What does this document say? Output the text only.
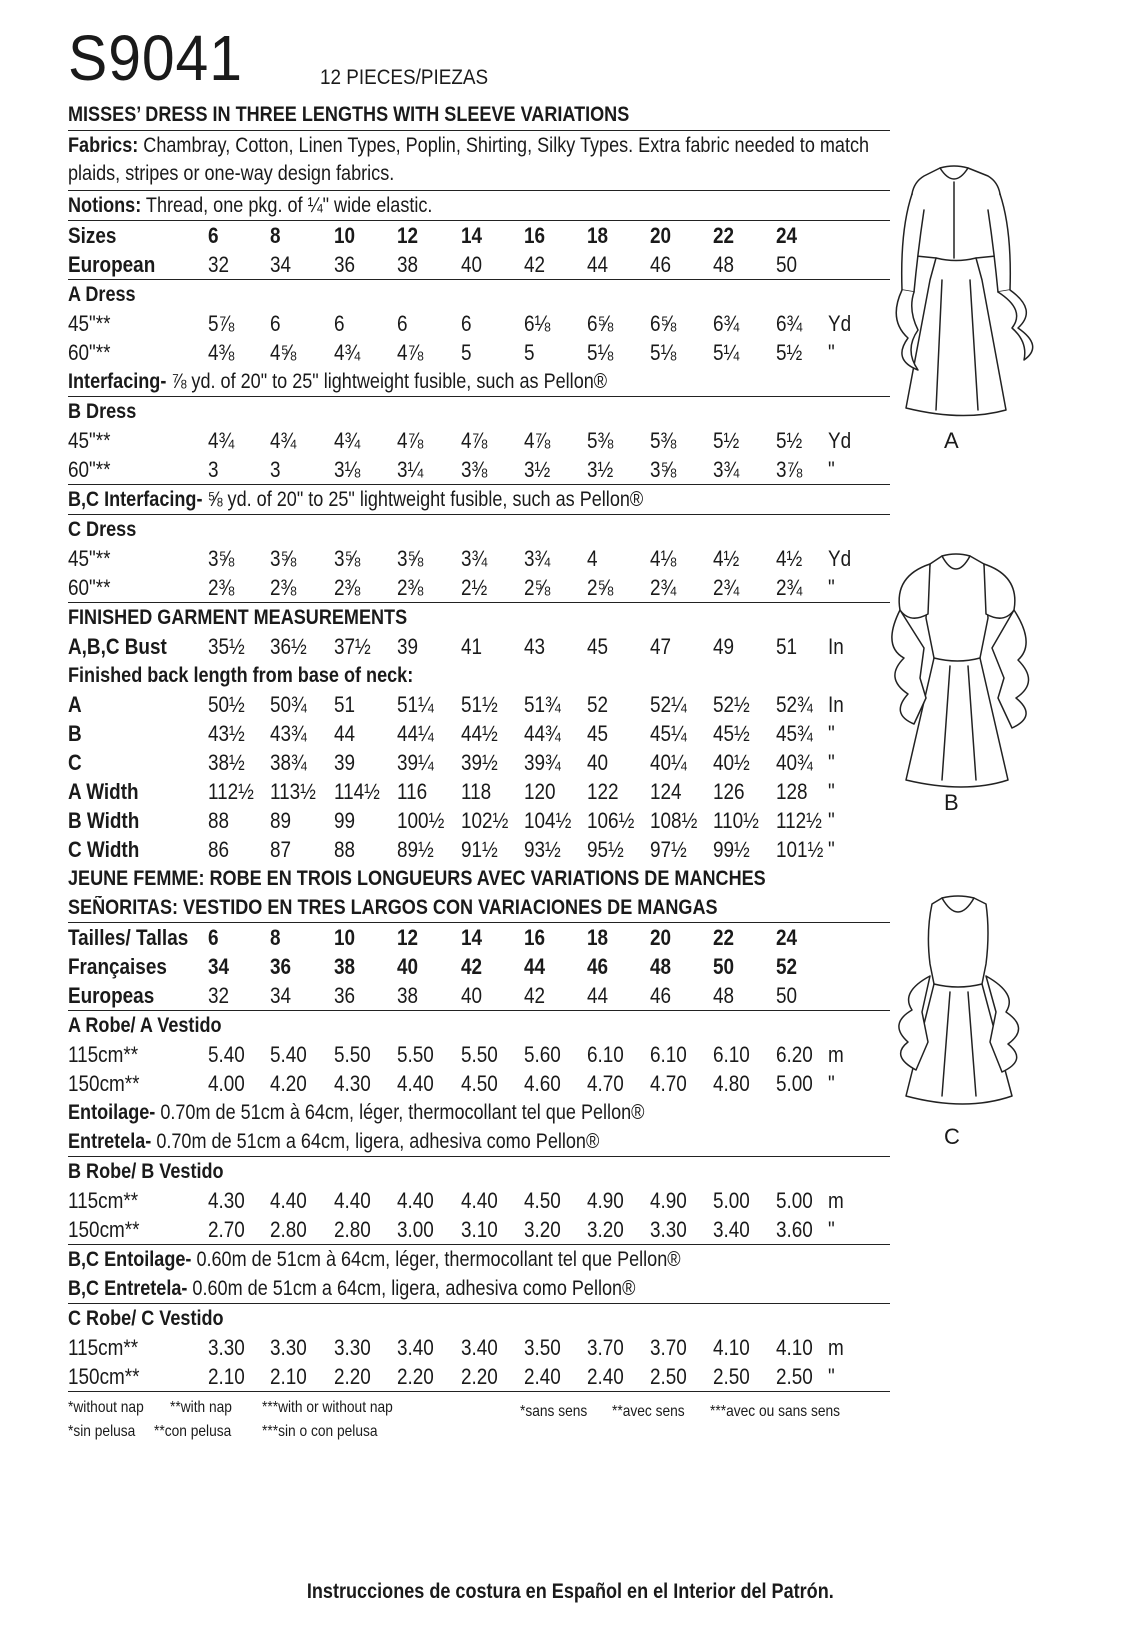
S9041	12 PIECES/PIEZAS
MISSES’ DRESS IN THREE LENGTHS WITH SLEEVE VARIATIONS
Fabrics: Chambray, Cotton, Linen Types, Poplin, Shirting, Silky Types. Extra fabric needed to match plaids, stripes or one-way design fabrics.
Notions: Thread, one pkg. of ¼" wide elastic.
Sizes	6 8 10 12 14 16 18 20 22 24
European 32 34 36 38 40 42 44 46 48 50
A Dress
45"**	5⅞ 6 6 6 6 6⅛ 6⅝ 6⅝ 6¾ 6¾ Yd
60"**	4⅜ 4⅝ 4¾ 4⅞ 5 5 5⅛ 5⅛ 5¼ 5½ "
Interfacing- ⅞ yd. of 20" to 25" lightweight fusible, such as Pellon®
B Dress
45"**	4¾ 4¾ 4¾ 4⅞ 4⅞ 4⅞ 5⅜ 5⅜ 5½ 5½ Yd
60"**	3 3 3⅛ 3¼ 3⅜ 3½ 3½ 3⅝ 3¾ 3⅞ "
B,C Interfacing- ⅝ yd. of 20" to 25" lightweight fusible, such as Pellon®
C Dress
45"**	3⅝ 3⅝ 3⅝ 3⅝ 3¾ 3¾ 4 4⅛ 4½ 4½ Yd
60"**	2⅜ 2⅜ 2⅜ 2⅜ 2½ 2⅝ 2⅝ 2¾ 2¾ 2¾ "
FINISHED GARMENT MEASUREMENTS
A,B,C Bust 35½ 36½ 37½ 39 41 43 45 47 49 51 In
Finished back length from base of neck:
A	50½ 50¾ 51 51¼ 51½ 51¾ 52 52¼ 52½ 52¾ In
B	43½ 43¾ 44 44¼ 44½ 44¾ 45 45¼ 45½ 45¾ "
C	38½ 38¾ 39 39¼ 39½ 39¾ 40 40¼ 40½ 40¾ "
A Width	112½ 113½ 114½ 116 118 120 122 124 126 128 "
B Width	88 89 99 100½ 102½ 104½ 106½ 108½ 110½ 112½ "
C Width	86 87 88 89½ 91½ 93½ 95½ 97½ 99½ 101½ "
JEUNE FEMME: ROBE EN TROIS LONGUEURS AVEC VARIATIONS DE MANCHES
SEÑORITAS: VESTIDO EN TRES LARGOS CON VARIACIONES DE MANGAS
Tailles/ Tallas 6 8 10 12 14 16 18 20 22 24
Françaises 34 36 38 40 42 44 46 48 50 52
Europeas 32 34 36 38 40 42 44 46 48 50
A Robe/ A Vestido
115cm**	5.40 5.40 5.50 5.50 5.50 5.60 6.10 6.10 6.10 6.20 m
150cm**	4.00 4.20 4.30 4.40 4.50 4.60 4.70 4.70 4.80 5.00 "
Entoilage- 0.70m de 51cm à 64cm, léger, thermocollant tel que Pellon®
Entretela- 0.70m de 51cm a 64cm, ligera, adhesiva como Pellon®
B Robe/ B Vestido
115cm**	4.30 4.40 4.40 4.40 4.40 4.50 4.90 4.90 5.00 5.00 m
150cm**	2.70 2.80 2.80 3.00 3.10 3.20 3.20 3.30 3.40 3.60 "
B,C Entoilage- 0.60m de 51cm à 64cm, léger, thermocollant tel que Pellon®
B,C Entretela- 0.60m de 51cm a 64cm, ligera, adhesiva como Pellon®
C Robe/ C Vestido
115cm**	3.30 3.30 3.30 3.40 3.40 3.50 3.70 3.70 4.10 4.10 m
150cm**	2.10 2.10 2.20 2.20 2.20 2.40 2.40 2.50 2.50 2.50 "
*without nap **with nap ***with or without nap
*sin pelusa **con pelusa ***sin o con pelusa
*sans sens **avec sens ***avec ou sans sens
Instrucciones de costura en Español en el Interior del Patrón.
A
B
C
